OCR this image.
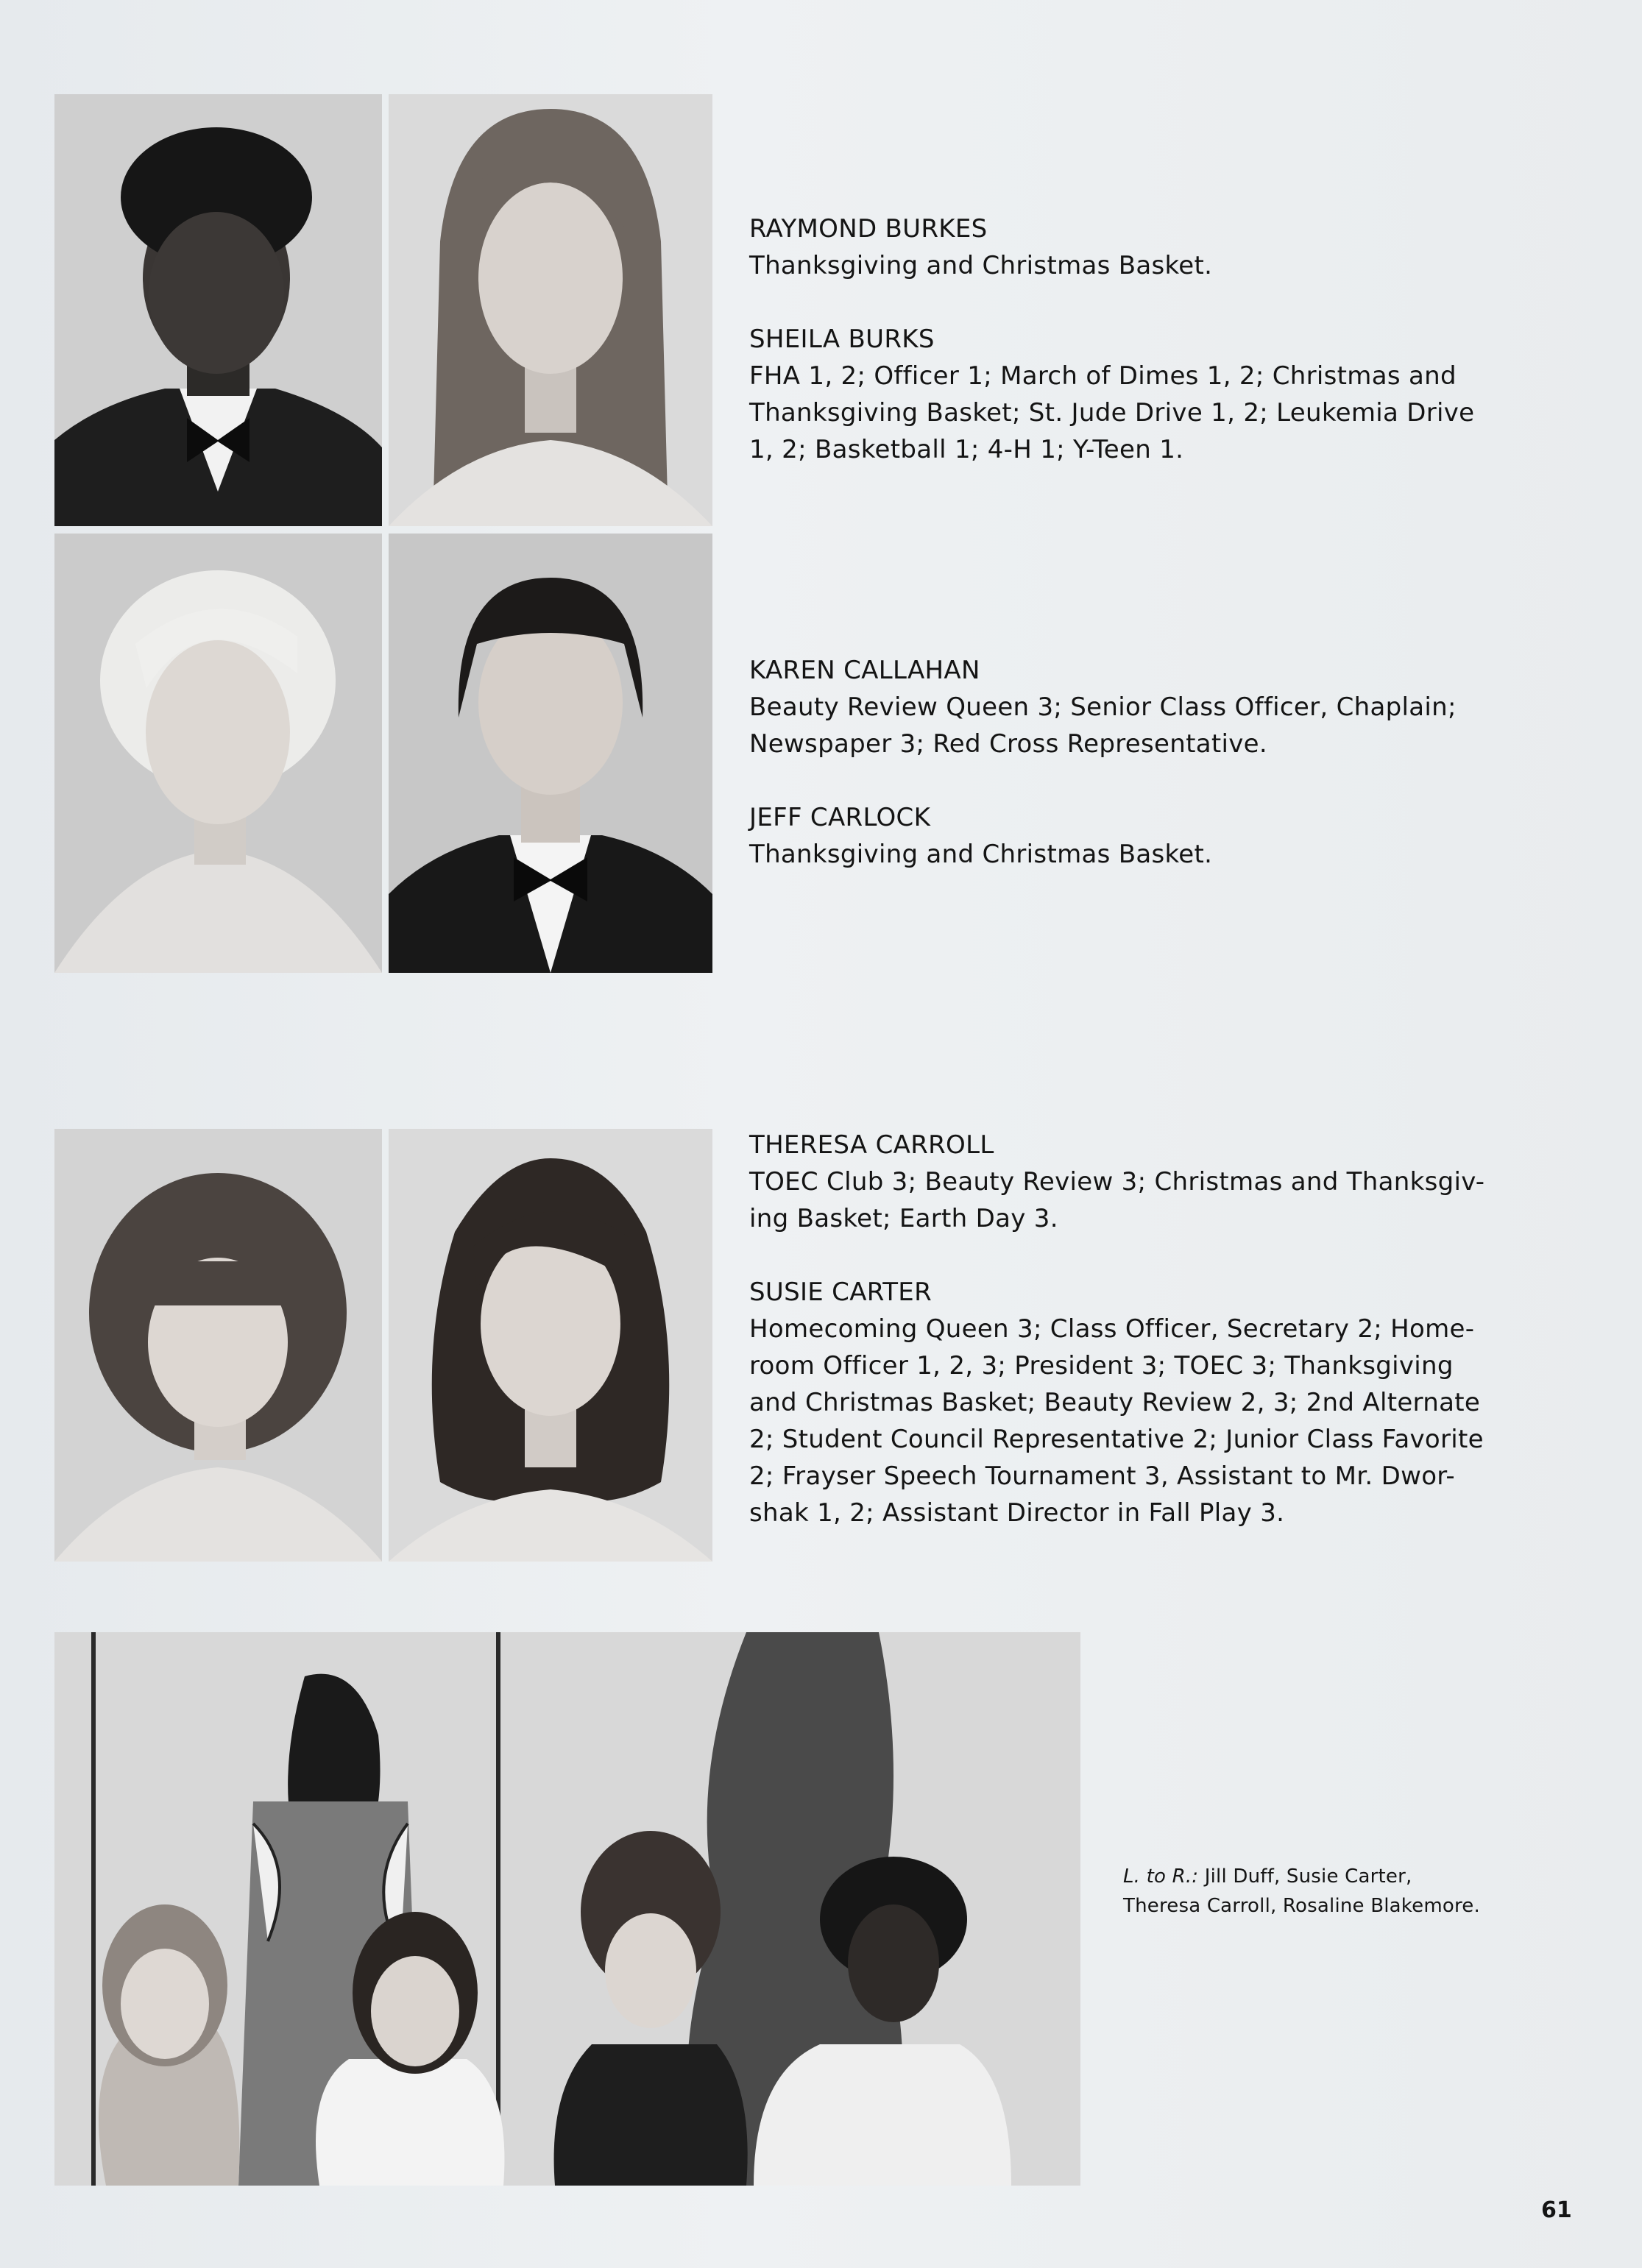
RAYMOND BURKES
Thanksgiving and Christmas Basket.
SHEILA BURKS
FHA 1, 2; Officer 1; March of Dimes 1, 2; Christmas and Thanksgiving Basket; St. Jude Drive 1, 2; Leukemia Drive 1, 2; Basketball 1; 4-H 1; Y-Teen 1.
KAREN CALLAHAN
Beauty Review Queen 3; Senior Class Officer, Chaplain; Newspaper 3; Red Cross Representative.
JEFF CARLOCK
Thanksgiving and Christmas Basket.
THERESA CARROLL
TOEC Club 3; Beauty Review 3; Christmas and Thanksgiv-ing Basket; Earth Day 3.
SUSIE CARTER
Homecoming Queen 3; Class Officer, Secretary 2; Home-room Officer 1, 2, 3; President 3; TOEC 3; Thanksgiving and Christmas Basket; Beauty Review 2, 3; 2nd Alternate 2; Student Council Representative 2; Junior Class Favorite 2; Frayser Speech Tournament 3, Assistant to Mr. Dwor-shak 1, 2; Assistant Director in Fall Play 3.
L. to R.: Jill Duff, Susie Carter, Theresa Carroll, Rosaline Blakemore.
61
